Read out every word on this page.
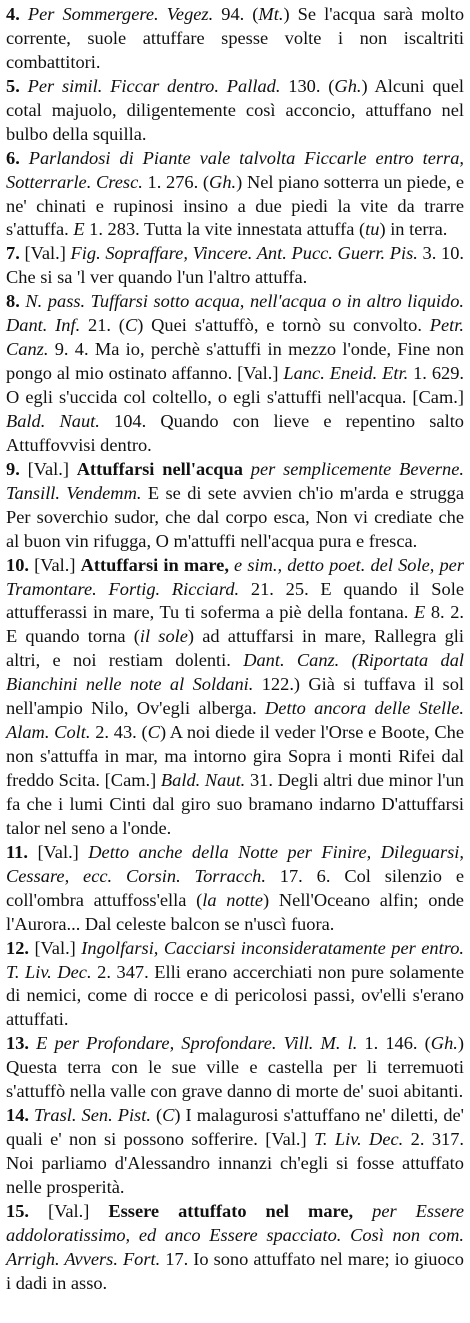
4. Per Sommergere. Vegez. 94. (Mt.) Se l'acqua sarà molto corrente, suole attuffare spesse volte i non iscaltriti combattitori.

5. Per simil. Ficcar dentro. Pallad. 130. (Gh.) Alcuni quel cotal majuolo, diligentemente così acconcio, attuffano nel bulbo della squilla.

6. Parlandosi di Piante vale talvolta Ficcarle entro terra, Sotterrarle. Cresc. 1. 276. (Gh.) Nel piano sotterra un piede, e ne' chinati e rupinosi insino a due piedi la vite da trarre s'attuffa. E 1. 283. Tutta la vite innestata attuffa (tu) in terra.

7. [Val.] Fig. Sopraffare, Vincere. Ant. Pucc. Guerr. Pis. 3. 10. Che si sa 'l ver quando l'un l'altro attuffa.

8. N. pass. Tuffarsi sotto acqua, nell'acqua o in altro liquido. Dant. Inf. 21. (C) Quei s'attuffò, e tornò su convolto. Petr. Canz. 9. 4. Ma io, perchè s'attuffi in mezzo l'onde, Fine non pongo al mio ostinato affanno. [Val.] Lanc. Eneid. Etr. 1. 629. O egli s'uccida col coltello, o egli s'attuffi nell'acqua. [Cam.] Bald. Naut. 104. Quando con lieve e repentino salto Attuffovvisi dentro.

9. [Val.] Attuffarsi nell'acqua per semplicemente Beverne. Tansill. Vendemm. E se di sete avvien ch'io m'arda e strugga Per soverchio sudor, che dal corpo esca, Non vi crediate che al buon vin rifugga, O m'attuffi nell'acqua pura e fresca.

10. [Val.] Attuffarsi in mare, e sim., detto poet. del Sole, per Tramontare. Fortig. Ricciard. 21. 25. E quando il Sole attufferassi in mare, Tu ti soferma a piè della fontana. E 8. 2. E quando torna (il sole) ad attuffarsi in mare, Rallegra gli altri, e noi restiam dolenti. Dant. Canz. (Riportata dal Bianchini nelle note al Soldani. 122.) Già si tuffava il sol nell'ampio Nilo, Ov'egli alberga. Detto ancora delle Stelle. Alam. Colt. 2. 43. (C) A noi diede il veder l'Orse e Boote, Che non s'attuffa in mar, ma intorno gira Sopra i monti Rifei dal freddo Scita. [Cam.] Bald. Naut. 31. Degli altri due minor l'un fa che i lumi Cinti dal giro suo bramano indarno D'attuffarsi talor nel seno a l'onde.

11. [Val.] Detto anche della Notte per Finire, Dileguarsi, Cessare, ecc. Corsin. Torracch. 17. 6. Col silenzio e coll'ombra attuffoss'ella (la notte) Nell'Oceano alfin; onde l'Aurora... Dal celeste balcon se n'uscì fuora.

12. [Val.] Ingolfarsi, Cacciarsi inconsideratamente per entro. T. Liv. Dec. 2. 347. Elli erano accerchiati non pure solamente di nemici, come di rocce e di pericolosi passi, ov'elli s'erano attuffati.

13. E per Profondare, Sprofondare. Vill. M. l. 1. 146. (Gh.) Questa terra con le sue ville e castella per li terremuoti s'attuffò nella valle con grave danno di morte de' suoi abitanti.

14. Trasl. Sen. Pist. (C) I malagurosi s'attuffano ne' diletti, de' quali e' non si possono sofferire. [Val.] T. Liv. Dec. 2. 317. Noi parliamo d'Alessandro innanzi ch'egli si fosse attuffato nelle prosperità.

15. [Val.] Essere attuffato nel mare, per Essere addoloratissimo, ed anco Essere spacciato. Così non com. Arrigh. Avvers. Fort. 17. Io sono attuffato nel mare; io giuoco i dadi in asso.
